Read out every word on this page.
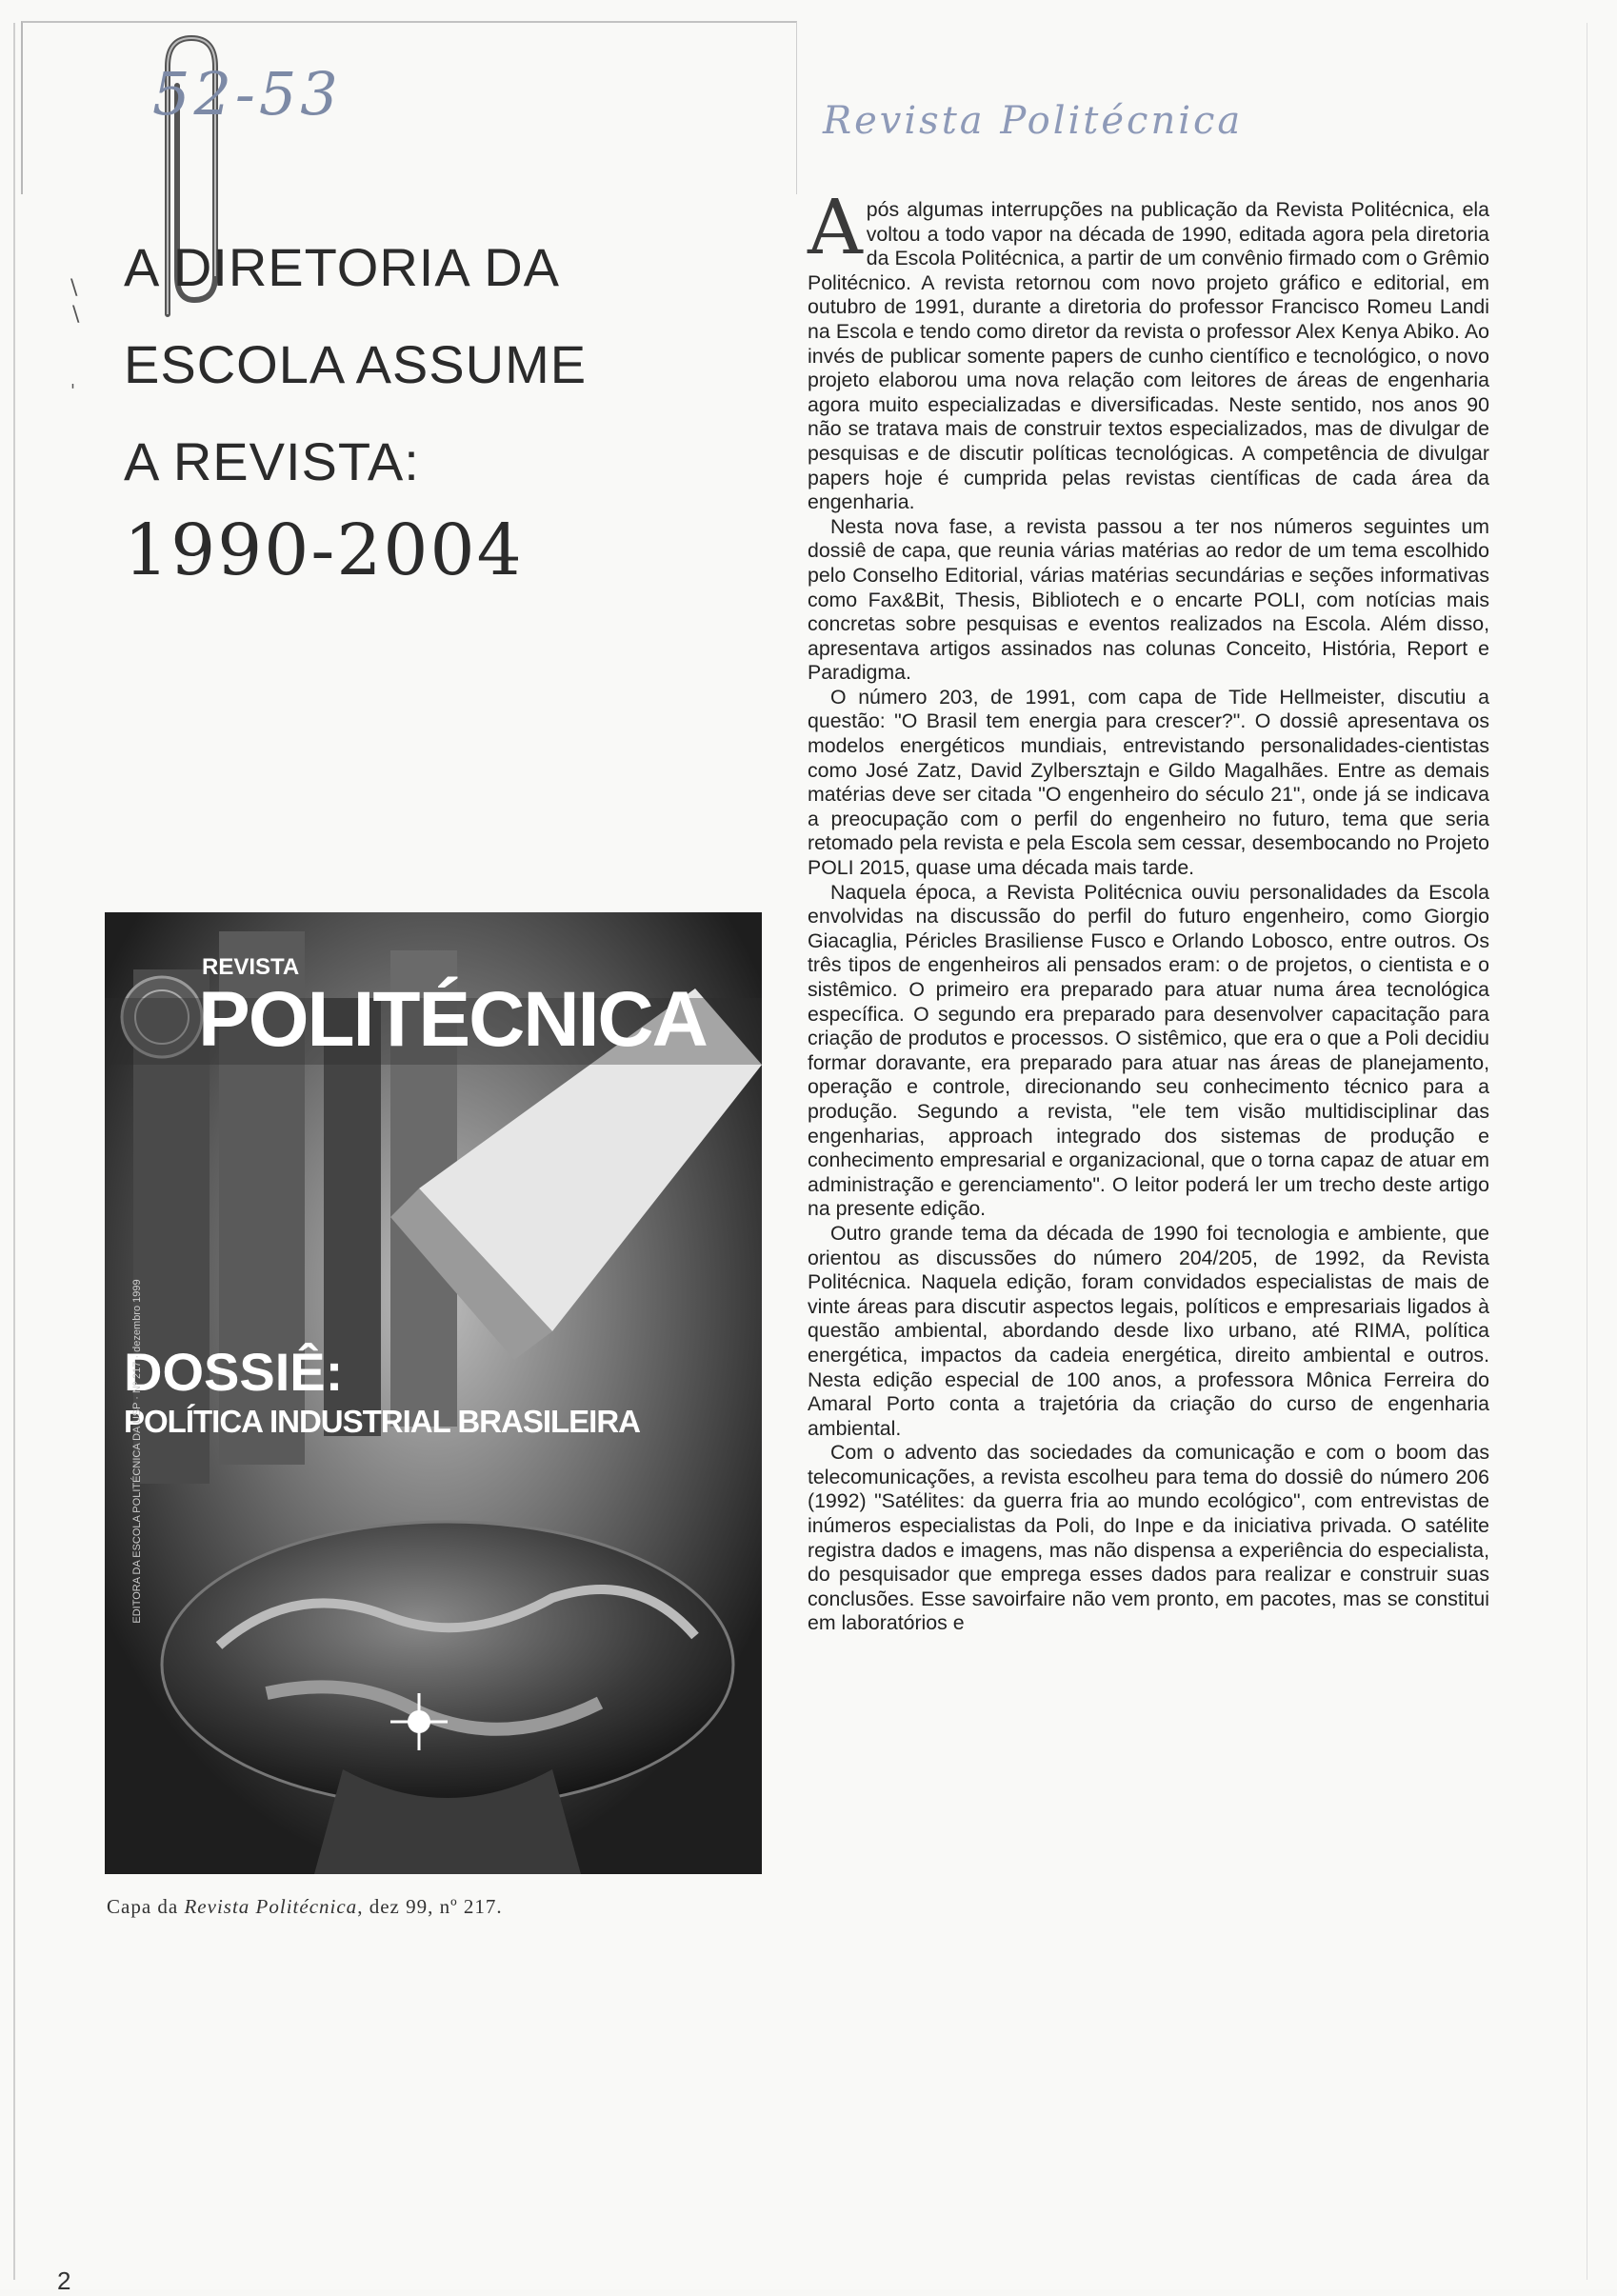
52-53	Revista Politécnica
\
\
'
A DIRETORIA DA
ESCOLA ASSUME
A REVISTA:
1990-2004
REVISTA
POLITÉCNICA
DOSSIÊ:
POLÍTICA INDUSTRIAL BRASILEIRA
EDITORA DA ESCOLA POLITÉCNICA DA USP · Nº 217 · dezembro 1999
Capa da Revista Politécnica, dez 99, nº 217.

Após algumas interrupções na publicação da Revista Politécnica, ela voltou a todo vapor na década de 1990, editada agora pela diretoria da Escola Politécnica, a partir de um convênio firmado com o Grêmio Politécnico. A revista retornou com novo projeto gráfico e editorial, em outubro de 1991, durante a diretoria do professor Francisco Romeu Landi na Escola e tendo como diretor da revista o professor Alex Kenya Abiko. Ao invés de publicar somente papers de cunho científico e tecnológico, o novo projeto elaborou uma nova relação com leitores de áreas de engenharia agora muito especializadas e diversificadas. Neste sentido, nos anos 90 não se tratava mais de construir textos especializados, mas de divulgar de pesquisas e de discutir políticas tecnológicas. A competência de divulgar papers hoje é cumprida pelas revistas científicas de cada área da engenharia.

Nesta nova fase, a revista passou a ter nos números seguintes um dossiê de capa, que reunia várias matérias ao redor de um tema escolhido pelo Conselho Editorial, várias matérias secundárias e seções informativas como Fax&Bit, Thesis, Bibliotech e o encarte POLI, com notícias mais concretas sobre pesquisas e eventos realizados na Escola. Além disso, apresentava artigos assinados nas colunas Conceito, História, Report e Paradigma.

O número 203, de 1991, com capa de Tide Hellmeister, discutiu a questão: "O Brasil tem energia para crescer?". O dossiê apresentava os modelos energéticos mundiais, entrevistando personalidades-cientistas como José Zatz, David Zylbersztajn e Gildo Magalhães. Entre as demais matérias deve ser citada "O engenheiro do século 21", onde já se indicava a preocupação com o perfil do engenheiro no futuro, tema que seria retomado pela revista e pela Escola sem cessar, desembocando no Projeto POLI 2015, quase uma década mais tarde.

Naquela época, a Revista Politécnica ouviu personalidades da Escola envolvidas na discussão do perfil do futuro engenheiro, como Giorgio Giacaglia, Péricles Brasiliense Fusco e Orlando Lobosco, entre outros. Os três tipos de engenheiros ali pensados eram: o de projetos, o cientista e o sistêmico. O primeiro era preparado para atuar numa área tecnológica específica. O segundo era preparado para desenvolver capacitação para criação de produtos e processos. O sistêmico, que era o que a Poli decidiu formar doravante, era preparado para atuar nas áreas de planejamento, operação e controle, direcionando seu conhecimento técnico para a produção. Segundo a revista, "ele tem visão multidisciplinar das engenharias, approach integrado dos sistemas de produção e conhecimento empresarial e organizacional, que o torna capaz de atuar em administração e gerenciamento". O leitor poderá ler um trecho deste artigo na presente edição.

Outro grande tema da década de 1990 foi tecnologia e ambiente, que orientou as discussões do número 204/205, de 1992, da Revista Politécnica. Naquela edição, foram convidados especialistas de mais de vinte áreas para discutir aspectos legais, políticos e empresariais ligados à questão ambiental, abordando desde lixo urbano, até RIMA, política energética, impactos da cadeia energética, direito ambiental e outros. Nesta edição especial de 100 anos, a professora Mônica Ferreira do Amaral Porto conta a trajetória da criação do curso de engenharia ambiental.

Com o advento das sociedades da comunicação e com o boom das telecomunicações, a revista escolheu para tema do dossiê do número 206 (1992) "Satélites: da guerra fria ao mundo ecológico", com entrevistas de inúmeros especialistas da Poli, do Inpe e da iniciativa privada. O satélite registra dados e imagens, mas não dispensa a experiência do especialista, do pesquisador que emprega esses dados para realizar e construir suas conclusões. Esse savoirfaire não vem pronto, em pacotes, mas se constitui em laboratórios e

2
